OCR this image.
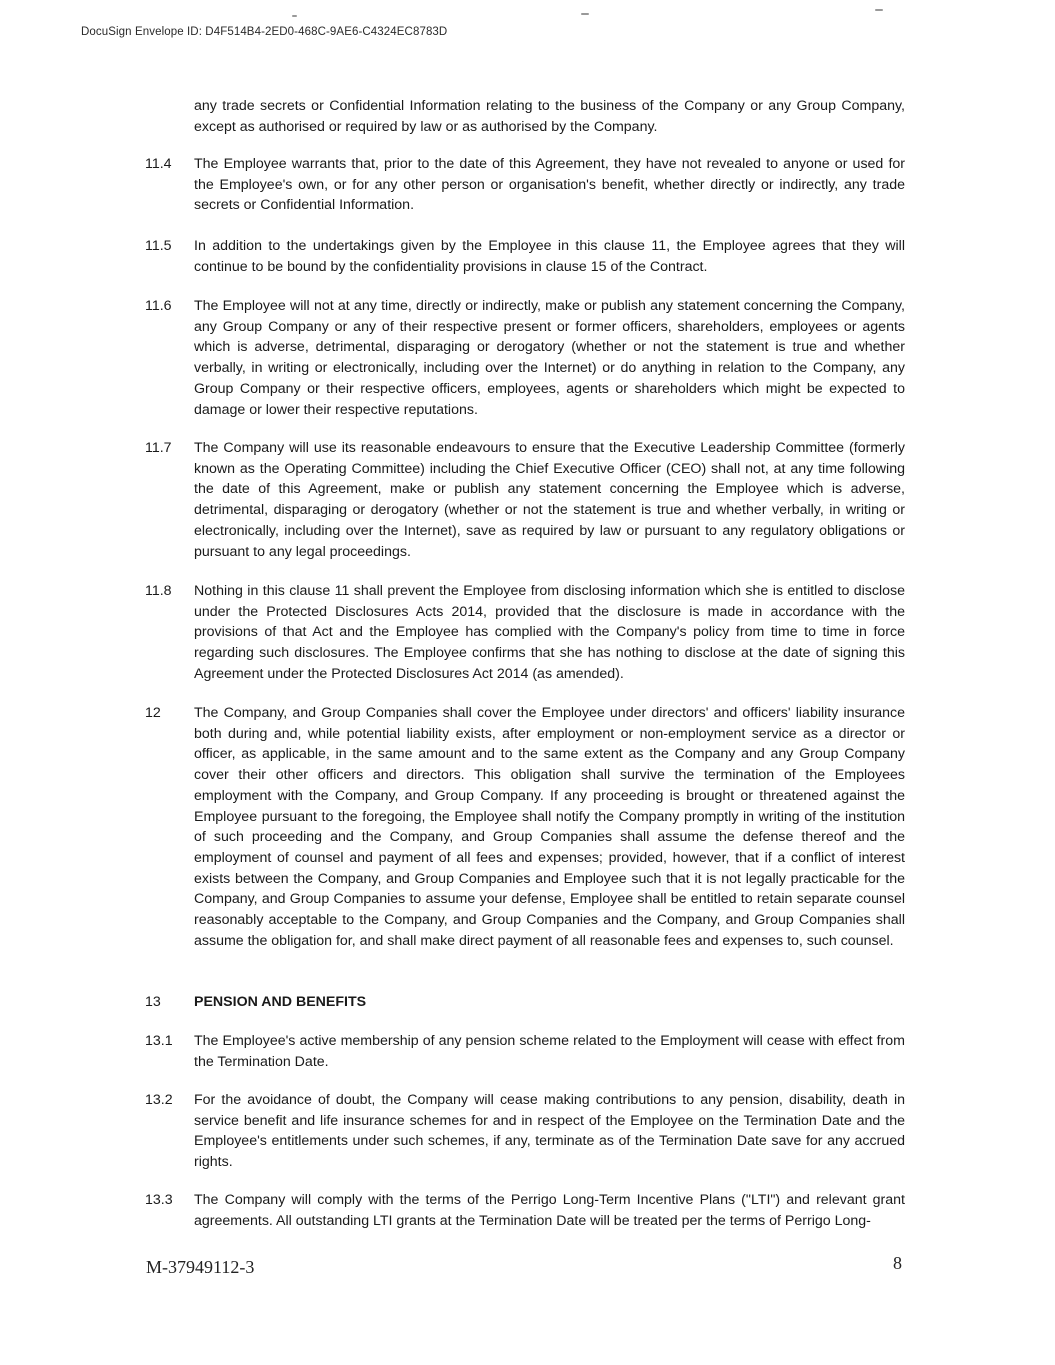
DocuSign Envelope ID: D4F514B4-2ED0-468C-9AE6-C4324EC8783D
any trade secrets or Confidential Information relating to the business of the Company or any Group Company, except as authorised or required by law or as authorised by the Company.
11.4	The Employee warrants that, prior to the date of this Agreement, they have not revealed to anyone or used for the Employee's own, or for any other person or organisation's benefit, whether directly or indirectly, any trade secrets or Confidential Information.
11.5	In addition to the undertakings given by the Employee in this clause 11, the Employee agrees that they will continue to be bound by the confidentiality provisions in clause 15 of the Contract.
11.6	The Employee will not at any time, directly or indirectly, make or publish any statement concerning the Company, any Group Company or any of their respective present or former officers, shareholders, employees or agents which is adverse, detrimental, disparaging or derogatory (whether or not the statement is true and whether verbally, in writing or electronically, including over the Internet) or do anything in relation to the Company, any Group Company or their respective officers, employees, agents or shareholders which might be expected to damage or lower their respective reputations.
11.7	The Company will use its reasonable endeavours to ensure that the Executive Leadership Committee (formerly known as the Operating Committee) including the Chief Executive Officer (CEO) shall not, at any time following the date of this Agreement, make or publish any statement concerning the Employee which is adverse, detrimental, disparaging or derogatory (whether or not the statement is true and whether verbally, in writing or electronically, including over the Internet), save as required by law or pursuant to any regulatory obligations or pursuant to any legal proceedings.
11.8	Nothing in this clause 11 shall prevent the Employee from disclosing information which she is entitled to disclose under the Protected Disclosures Acts 2014, provided that the disclosure is made in accordance with the provisions of that Act and the Employee has complied with the Company's policy from time to time in force regarding such disclosures. The Employee confirms that she has nothing to disclose at the date of signing this Agreement under the Protected Disclosures Act 2014 (as amended).
12	The Company, and Group Companies shall cover the Employee under directors' and officers' liability insurance both during and, while potential liability exists, after employment or non-employment service as a director or officer, as applicable, in the same amount and to the same extent as the Company and any Group Company cover their other officers and directors. This obligation shall survive the termination of the Employees employment with the Company, and Group Company. If any proceeding is brought or threatened against the Employee pursuant to the foregoing, the Employee shall notify the Company promptly in writing of the institution of such proceeding and the Company, and Group Companies shall assume the defense thereof and the employment of counsel and payment of all fees and expenses; provided, however, that if a conflict of interest exists between the Company, and Group Companies and Employee such that it is not legally practicable for the Company, and Group Companies to assume your defense, Employee shall be entitled to retain separate counsel reasonably acceptable to the Company, and Group Companies and the Company, and Group Companies shall assume the obligation for, and shall make direct payment of all reasonable fees and expenses to, such counsel.
13	PENSION AND BENEFITS
13.1	The Employee's active membership of any pension scheme related to the Employment will cease with effect from the Termination Date.
13.2	For the avoidance of doubt, the Company will cease making contributions to any pension, disability, death in service benefit and life insurance schemes for and in respect of the Employee on the Termination Date and the Employee's entitlements under such schemes, if any, terminate as of the Termination Date save for any accrued rights.
13.3	The Company will comply with the terms of the Perrigo Long-Term Incentive Plans ("LTI") and relevant grant agreements. All outstanding LTI grants at the Termination Date will be treated per the terms of Perrigo Long-
M-37949112-3	8
